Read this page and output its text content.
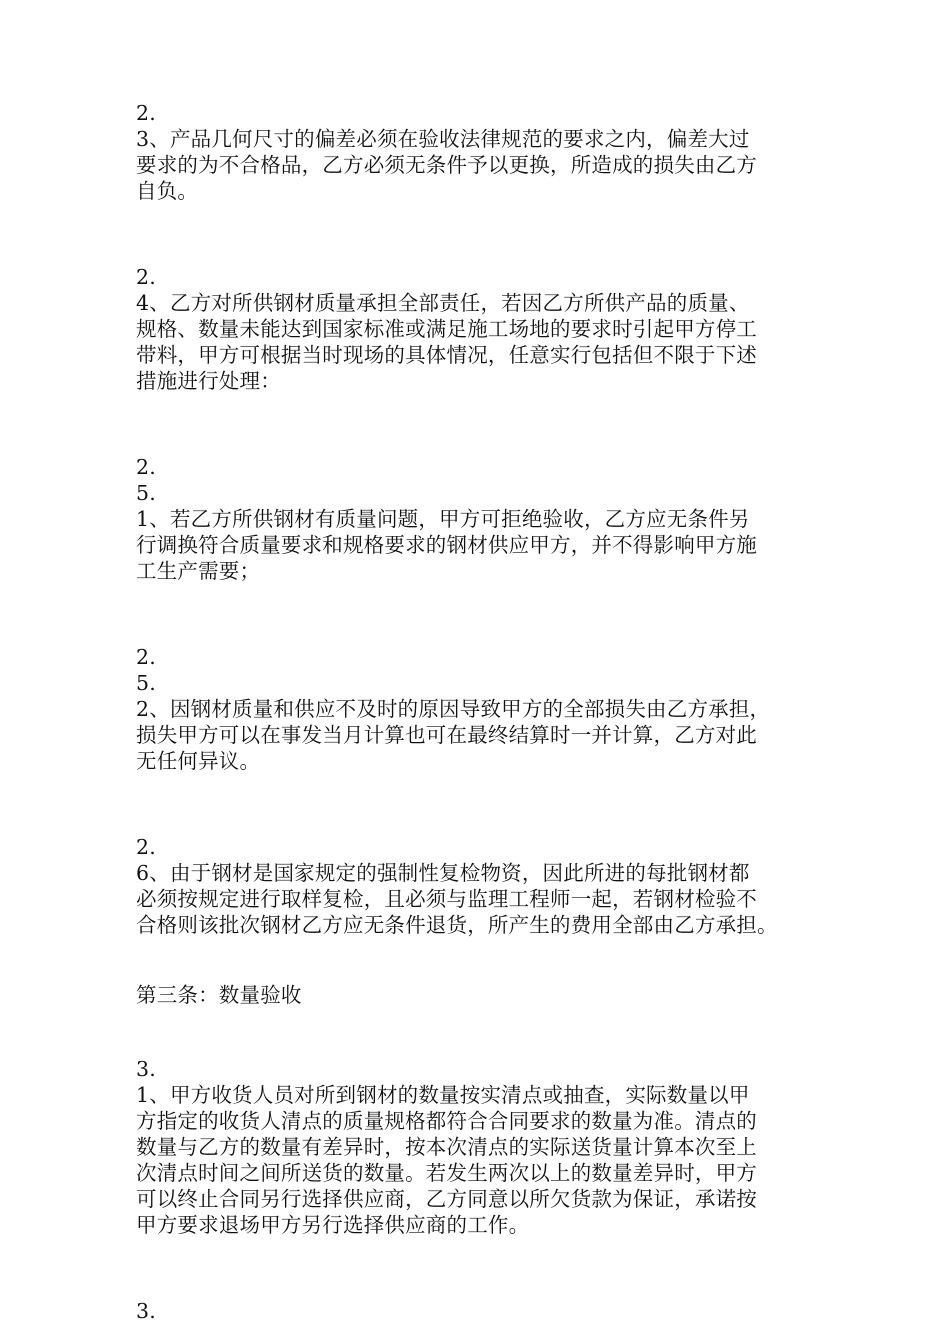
2.
3、产品几何尺寸的偏差必须在验收法律规范的要求之内，偏差大过
要求的为不合格品，乙方必须无条件予以更换，所造成的损失由乙方
自负。
2.
4、乙方对所供钢材质量承担全部责任，若因乙方所供产品的质量、
规格、数量未能达到国家标准或满足施工场地的要求时引起甲方停工
带料，甲方可根据当时现场的具体情况，任意实行包括但不限于下述
措施进行处理：
2.
5.
1、若乙方所供钢材有质量问题，甲方可拒绝验收，乙方应无条件另
行调换符合质量要求和规格要求的钢材供应甲方，并不得影响甲方施
工生产需要；
2.
5.
2、因钢材质量和供应不及时的原因导致甲方的全部损失由乙方承担，
损失甲方可以在事发当月计算也可在最终结算时一并计算，乙方对此
无任何异议。
2.
6、由于钢材是国家规定的强制性复检物资，因此所进的每批钢材都
必须按规定进行取样复检，且必须与监理工程师一起，若钢材检验不
合格则该批次钢材乙方应无条件退货，所产生的费用全部由乙方承担。
第三条：数量验收
3.
1、甲方收货人员对所到钢材的数量按实清点或抽查，实际数量以甲
方指定的收货人清点的质量规格都符合合同要求的数量为准。清点的
数量与乙方的数量有差异时，按本次清点的实际送货量计算本次至上
次清点时间之间所送货的数量。若发生两次以上的数量差异时，甲方
可以终止合同另行选择供应商，乙方同意以所欠货款为保证，承诺按
甲方要求退场甲方另行选择供应商的工作。
3.
